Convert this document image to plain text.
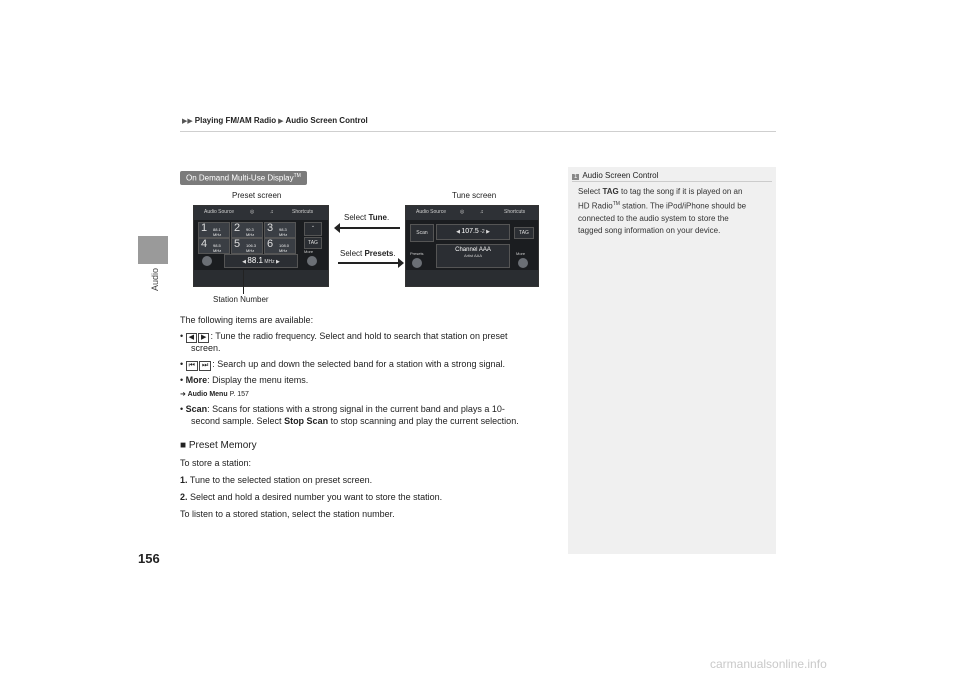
▶▶ Playing FM/AM Radio ▶ Audio Screen Control
Audio
156
On Demand Multi-Use Display™
Preset screen	Tune screen
Audio Source	◎	♫	Shortcuts
1 88.1 MHz
2 90.3 MHz
3 98.3 MHz
4 98.5 MHz
5 106.3 MHz
6 108.0 MHz
⌄
TAG
◀ 88.1 MHz ▶
More
Select Tune.
Select Presets.
Audio Source	◎	♫	Shortcuts
Scan	◀ 107.5 -2 ▶	TAG
Presets
Channel AAA
Artist AAA	More
Station Number
The following items are available:
• ◀ ▶ : Tune the radio frequency. Select and hold to search that station on preset
screen.
• ⏮ ⏭ : Search up and down the selected band for a station with a strong signal.
• More: Display the menu items.
➜ Audio Menu P. 157
• Scan: Scans for stations with a strong signal in the current band and plays a 10-
second sample. Select Stop Scan to stop scanning and play the current selection.
■ Preset Memory
To store a station:
1. Tune to the selected station on preset screen.
2. Select and hold a desired number you want to store the station.
To listen to a stored station, select the station number.
1 Audio Screen Control
Select TAG to tag the song if it is played on an
HD Radio™ station. The iPod/iPhone should be
connected to the audio system to store the
tagged song information on your device.
carmanualsonline.info
